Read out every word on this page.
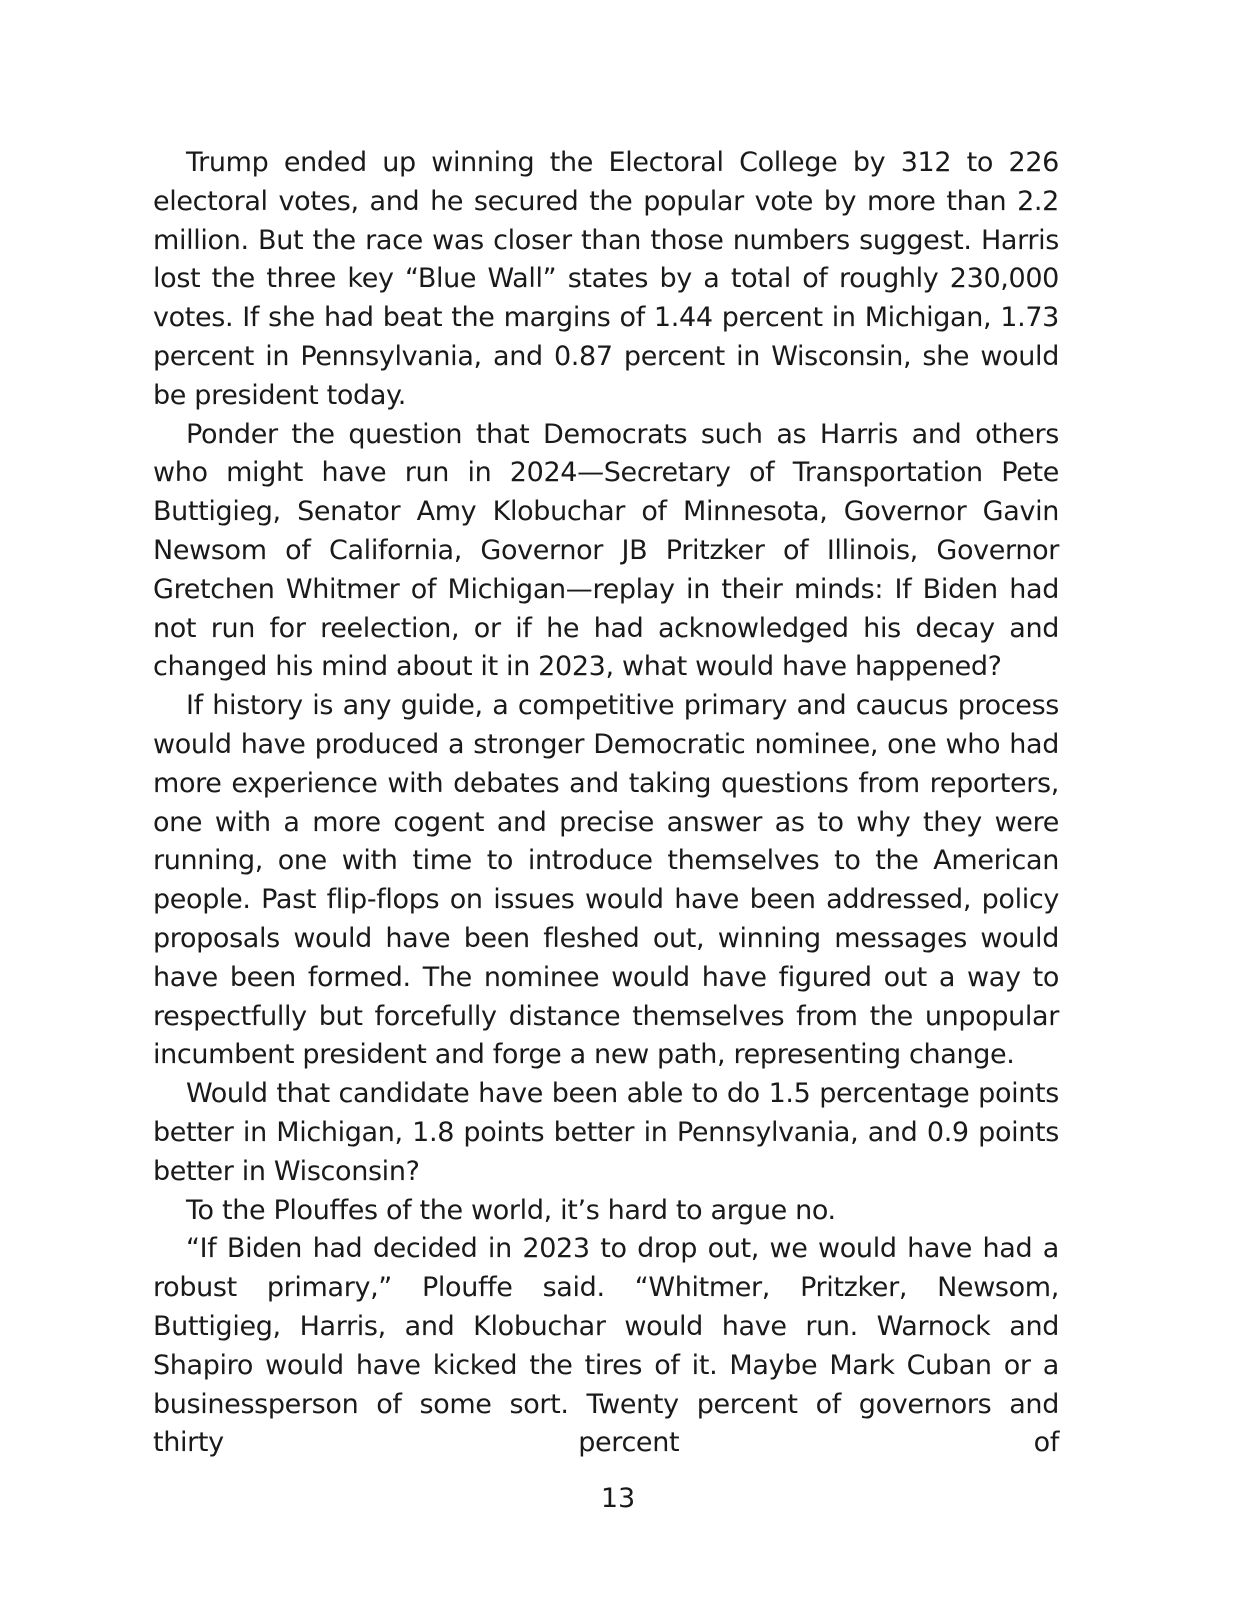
Trump ended up winning the Electoral College by 312 to 226 electoral votes, and he secured the popular vote by more than 2.2 million. But the race was closer than those numbers suggest. Harris lost the three key “Blue Wall” states by a total of roughly 230,000 votes. If she had beat the margins of 1.44 percent in Michigan, 1.73 percent in Pennsylvania, and 0.87 percent in Wisconsin, she would be president today.

Ponder the question that Democrats such as Harris and others who might have run in 2024—Secretary of Transportation Pete Buttigieg, Senator Amy Klobuchar of Minnesota, Governor Gavin Newsom of California, Governor JB Pritzker of Illinois, Governor Gretchen Whitmer of Michigan—replay in their minds: If Biden had not run for reelection, or if he had acknowledged his decay and changed his mind about it in 2023, what would have happened?

If history is any guide, a competitive primary and caucus process would have produced a stronger Democratic nominee, one who had more experience with debates and taking questions from reporters, one with a more cogent and precise answer as to why they were running, one with time to introduce themselves to the American people. Past flip-flops on issues would have been addressed, policy proposals would have been fleshed out, winning messages would have been formed. The nominee would have figured out a way to respectfully but forcefully distance themselves from the unpopular incumbent president and forge a new path, representing change.

Would that candidate have been able to do 1.5 percentage points better in Michigan, 1.8 points better in Pennsylvania, and 0.9 points better in Wisconsin?

To the Plouffes of the world, it’s hard to argue no.

“If Biden had decided in 2023 to drop out, we would have had a robust primary,” Plouffe said. “Whitmer, Pritzker, Newsom, Buttigieg, Harris, and Klobuchar would have run. Warnock and Shapiro would have kicked the tires of it. Maybe Mark Cuban or a businessperson of some sort. Twenty percent of governors and thirty percent of

13
